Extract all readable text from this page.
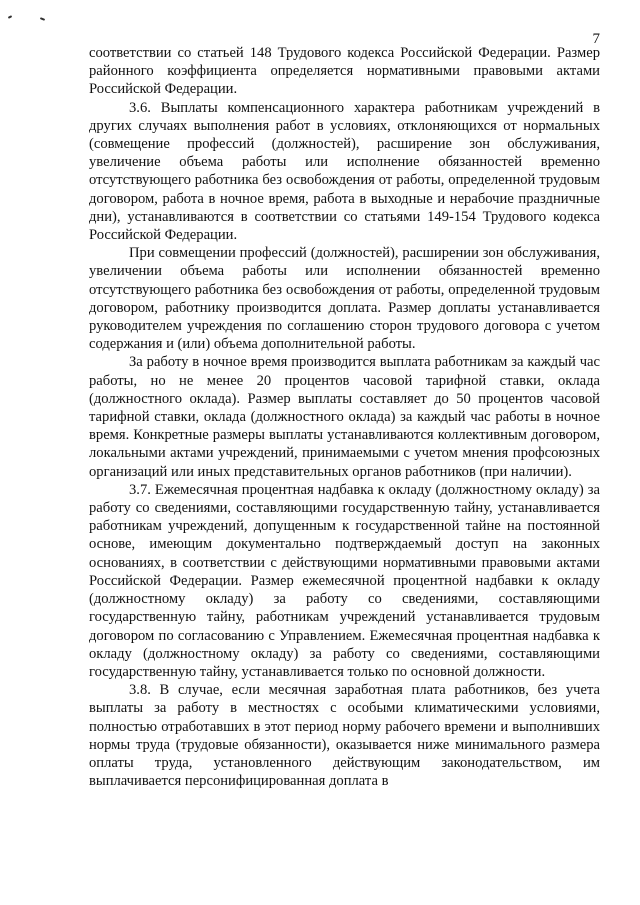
7

соответствии со статьей 148 Трудового кодекса Российской Федерации. Размер районного коэффициента определяется нормативными правовыми актами Российской Федерации.

3.6. Выплаты компенсационного характера работникам учреждений в других случаях выполнения работ в условиях, отклоняющихся от нормальных (совмещение профессий (должностей), расширение зон обслуживания, увеличение объема работы или исполнение обязанностей временно отсутствующего работника без освобождения от работы, определенной трудовым договором, работа в ночное время, работа в выходные и нерабочие праздничные дни), устанавливаются в соответствии со статьями 149-154 Трудового кодекса Российской Федерации.

При совмещении профессий (должностей), расширении зон обслуживания, увеличении объема работы или исполнении обязанностей временно отсутствующего работника без освобождения от работы, определенной трудовым договором, работнику производится доплата. Размер доплаты устанавливается руководителем учреждения по соглашению сторон трудового договора с учетом содержания и (или) объема дополнительной работы.

За работу в ночное время производится выплата работникам за каждый час работы, но не менее 20 процентов часовой тарифной ставки, оклада (должностного оклада). Размер выплаты составляет до 50 процентов часовой тарифной ставки, оклада (должностного оклада) за каждый час работы в ночное время. Конкретные размеры выплаты устанавливаются коллективным договором, локальными актами учреждений, принимаемыми с учетом мнения профсоюзных организаций или иных представительных органов работников (при наличии).

3.7. Ежемесячная процентная надбавка к окладу (должностному окладу) за работу со сведениями, составляющими государственную тайну, устанавливается работникам учреждений, допущенным к государственной тайне на постоянной основе, имеющим документально подтверждаемый доступ на законных основаниях, в соответствии с действующими нормативными правовыми актами Российской Федерации. Размер ежемесячной процентной надбавки к окладу (должностному окладу) за работу со сведениями, составляющими государственную тайну, работникам учреждений устанавливается трудовым договором по согласованию с Управлением. Ежемесячная процентная надбавка к окладу (должностному окладу) за работу со сведениями, составляющими государственную тайну, устанавливается только по основной должности.

3.8. В случае, если месячная заработная плата работников, без учета выплаты за работу в местностях с особыми климатическими условиями, полностью отработавших в этот период норму рабочего времени и выполнивших нормы труда (трудовые обязанности), оказывается ниже минимального размера оплаты труда, установленного действующим законодательством, им выплачивается персонифицированная доплата в
